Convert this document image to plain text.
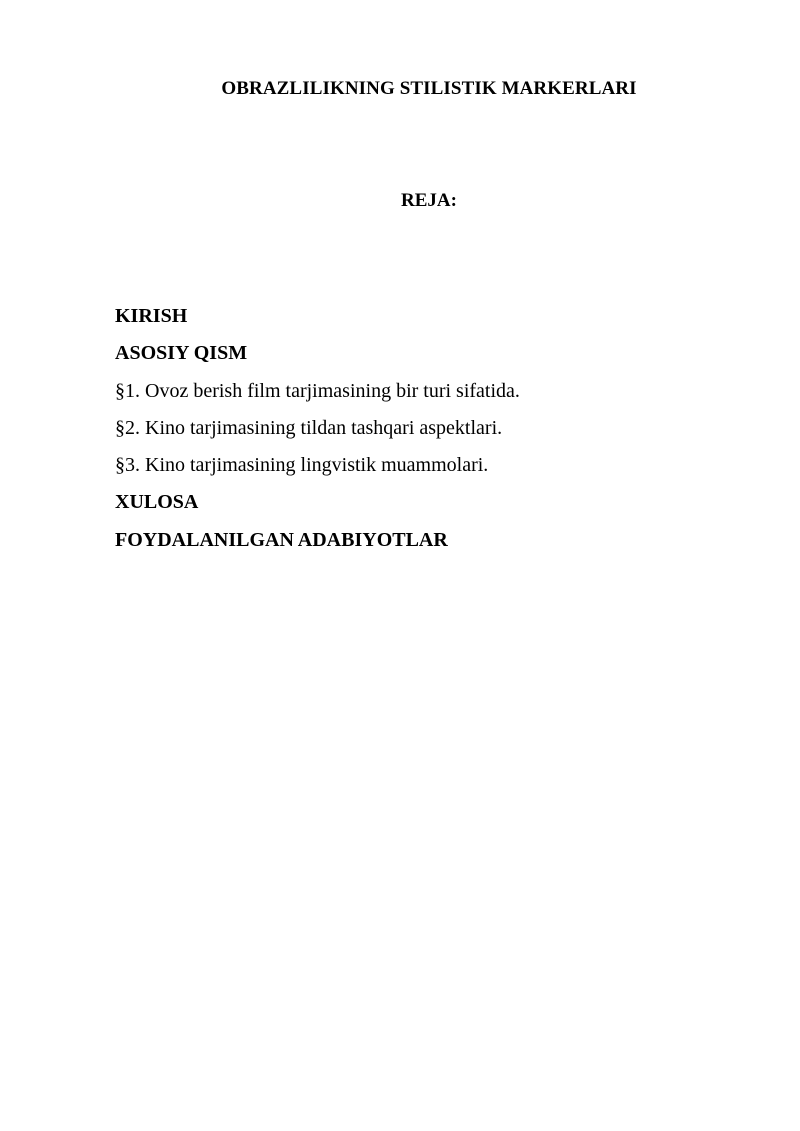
OBRAZLILIKNING STILISTIK MARKERLARI
REJA:
KIRISH
ASOSIY QISM
§1. Ovoz berish film tarjimasining bir turi sifatida.
§2. Kino tarjimasining tildan tashqari aspektlari.
§3. Kino tarjimasining lingvistik muammolari.
XULOSA
FOYDALANILGAN ADABIYOTLAR
